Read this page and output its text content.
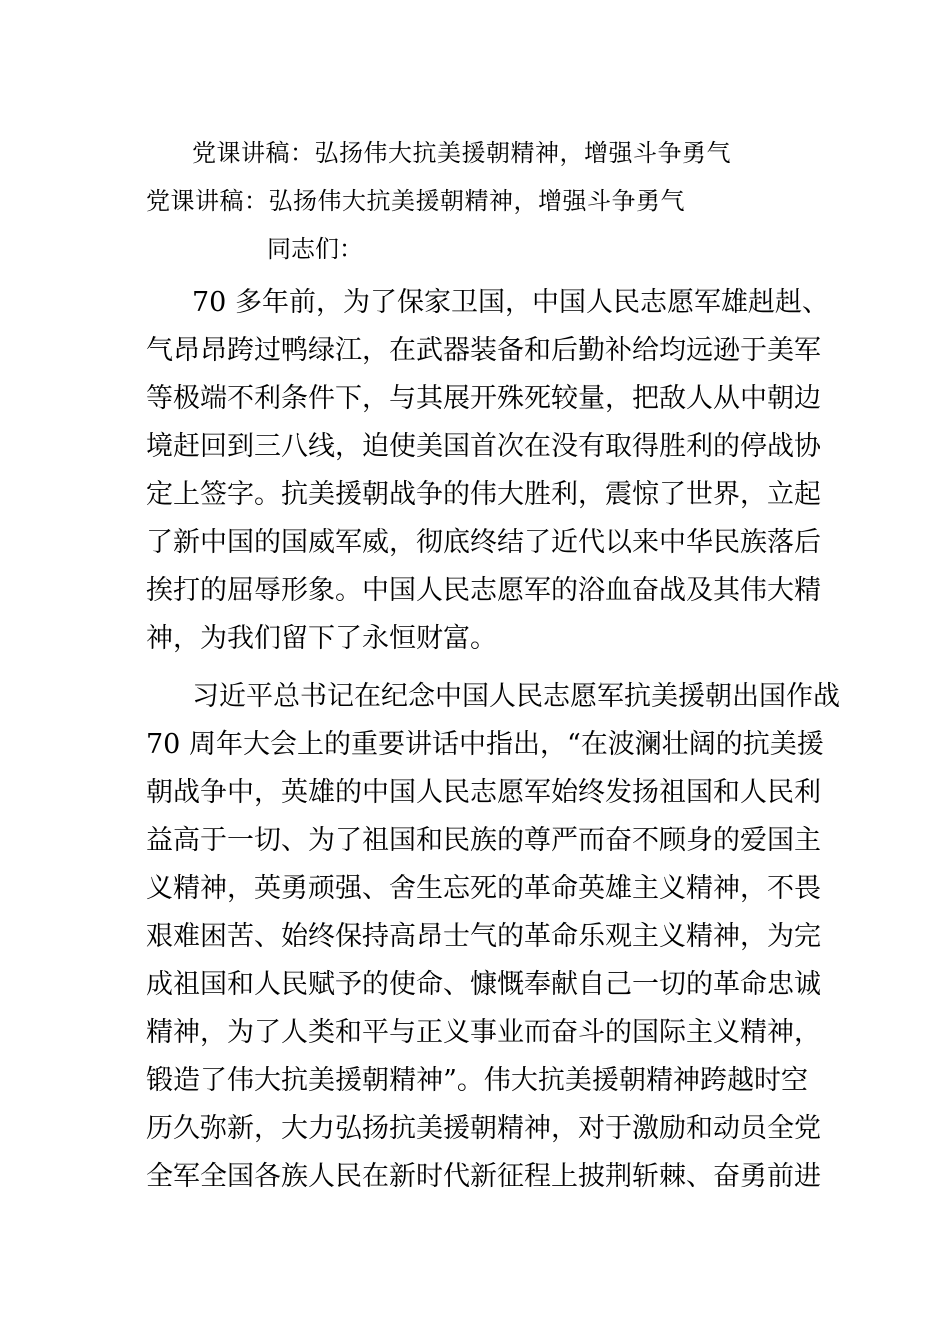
党课讲稿：弘扬伟大抗美援朝精神，增强斗争勇气
党课讲稿：弘扬伟大抗美援朝精神，增强斗争勇气
同志们：
70 多年前，为了保家卫国，中国人民志愿军雄赳赳、
气昂昂跨过鸭绿江，在武器装备和后勤补给均远逊于美军
等极端不利条件下，与其展开殊死较量，把敌人从中朝边
境赶回到三八线，迫使美国首次在没有取得胜利的停战协
定上签字。抗美援朝战争的伟大胜利，震惊了世界，立起
了新中国的国威军威，彻底终结了近代以来中华民族落后
挨打的屈辱形象。中国人民志愿军的浴血奋战及其伟大精
神，为我们留下了永恒财富。
习近平总书记在纪念中国人民志愿军抗美援朝出国作战
70 周年大会上的重要讲话中指出，“在波澜壮阔的抗美援
朝战争中，英雄的中国人民志愿军始终发扬祖国和人民利
益高于一切、为了祖国和民族的尊严而奋不顾身的爱国主
义精神，英勇顽强、舍生忘死的革命英雄主义精神，不畏
艰难困苦、始终保持高昂士气的革命乐观主义精神，为完
成祖国和人民赋予的使命、慷慨奉献自己一切的革命忠诚
精神，为了人类和平与正义事业而奋斗的国际主义精神，
锻造了伟大抗美援朝精神”。伟大抗美援朝精神跨越时空
历久弥新，大力弘扬抗美援朝精神，对于激励和动员全党
全军全国各族人民在新时代新征程上披荆斩棘、奋勇前进
